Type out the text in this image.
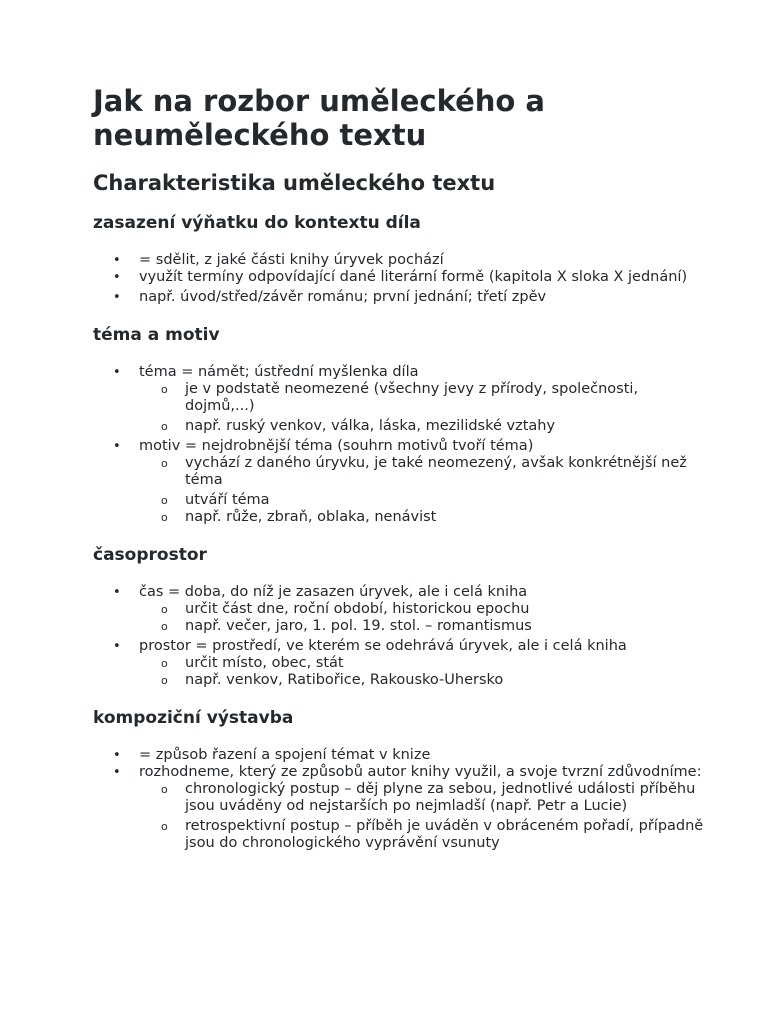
Jak na rozbor uměleckého a neuměleckého textu
Charakteristika uměleckého textu
zasazení výňatku do kontextu díla
• = sdělit, z jaké části knihy úryvek pochází
• využít termíny odpovídající dané literární formě (kapitola X sloka X jednání)
• např. úvod/střed/závěr románu; první jednání; třetí zpěv
téma a motiv
• téma = námět; ústřední myšlenka díla
o je v podstatě neomezené (všechny jevy z přírody, společnosti, dojmů,...)
o např. ruský venkov, válka, láska, mezilidské vztahy
• motiv = nejdrobnější téma (souhrn motivů tvoří téma)
o vychází z daného úryvku, je také neomezený, avšak konkrétnější než téma
o utváří téma
o např. růže, zbraň, oblaka, nenávist
časoprostor
• čas = doba, do níž je zasazen úryvek, ale i celá kniha
o určit část dne, roční období, historickou epochu
o např. večer, jaro, 1. pol. 19. stol. – romantismus
• prostor = prostředí, ve kterém se odehrává úryvek, ale i celá kniha
o určit místo, obec, stát
o např. venkov, Ratibořice, Rakousko-Uhersko
kompoziční výstavba
• = způsob řazení a spojení témat v knize
• rozhodneme, který ze způsobů autor knihy využil, a svoje tvrzní zdůvodníme:
o chronologický postup – děj plyne za sebou, jednotlivé události příběhu jsou uváděny od nejstarších po nejmladší (např. Petr a Lucie)
o retrospektivní postup – příběh je uváděn v obráceném pořadí, případně jsou do chronologického vyprávění vsunuty
